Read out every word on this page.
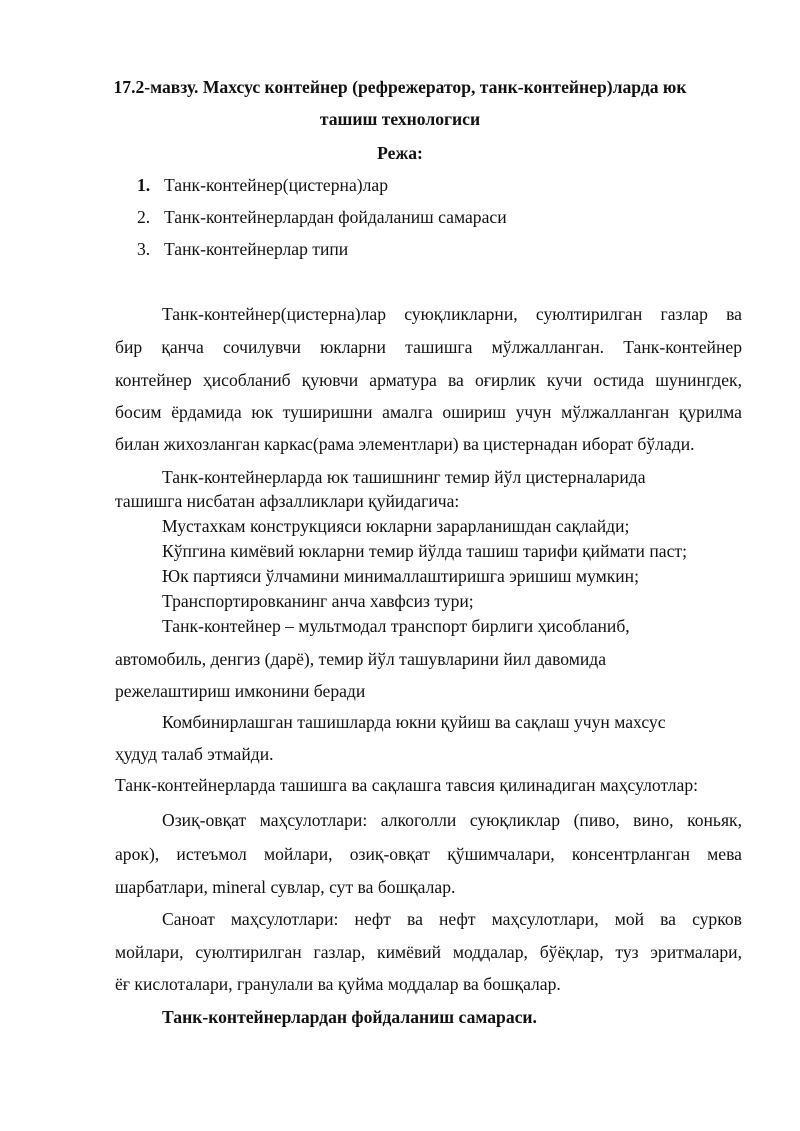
17.2-мавзу. Махсус контейнер (рефрежератор, танк-контейнер)ларда юк
ташиш технологиси
Режа:
1. Танк-контейнер(цистерна)лар
2. Танк-контейнерлардан фойдаланиш самараси
3. Танк-контейнерлар типи
Танк-контейнер(цистерна)лар суюқликларни, суюлтирилган газлар ва
бир қанча сочилувчи юкларни ташишга мўлжалланган. Танк-контейнер
контейнер ҳисобланиб қуювчи арматура ва оғирлик кучи остида шунингдек,
босим ёрдамида юк туширишни амалга ошириш учун мўлжалланган қурилма
билан жихозланган каркас(рама элементлари) ва цистернадан иборат бўлади.
Танк-контейнерларда юк ташишнинг темир йўл цистерналарида
ташишга нисбатан афзалликлари қуйидагича:
Мустахкам конструкцияси юкларни зарарланишдан сақлайди;
Кўпгина кимёвий юкларни темир йўлда ташиш тарифи қиймати паст;
Юк партияси ўлчамини минималлаштиришга эришиш мумкин;
Транспортировканинг анча хавфсиз тури;
Танк-контейнер – мультмодал транспорт бирлиги ҳисобланиб,
автомобиль, денгиз (дарё), темир йўл ташувларини йил давомида
режелаштириш имконини беради
Комбинирлашган ташишларда юкни қуйиш ва сақлаш учун махсус
ҳудуд талаб этмайди.
Танк-контейнерларда ташишга ва сақлашга тавсия қилинадиган маҳсулотлар:
Озиқ-овқат маҳсулотлари: алкоголли суюқликлар (пиво, вино, коньяк,
арок), истеъмол мойлари, озиқ-овқат қўшимчалари, консентрланган мева
шарбатлари, mineral сувлар, сут ва бошқалар.
Саноат маҳсулотлари: нефт ва нефт маҳсулотлари, мой ва сурков
мойлари, суюлтирилган газлар, кимёвий моддалар, бўёқлар, туз эритмалари,
ёғ кислоталари, гранулали ва қуйма моддалар ва бошқалар.
Танк-контейнерлардан фойдаланиш самараси.
